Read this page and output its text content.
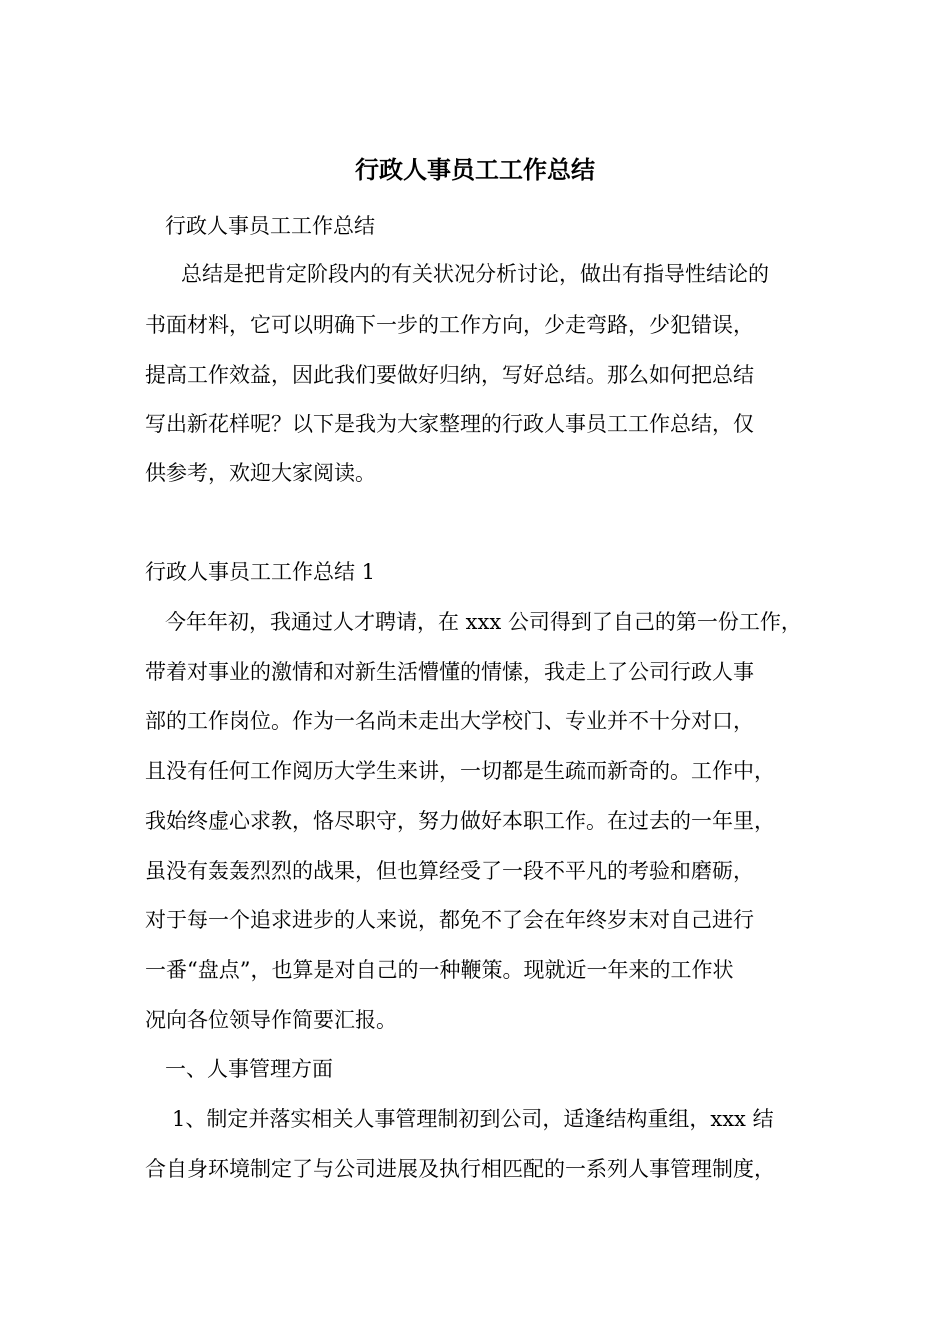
行政人事员工工作总结
行政人事员工工作总结
总结是把肯定阶段内的有关状况分析讨论，做出有指导性结论的
书面材料，它可以明确下一步的工作方向，少走弯路，少犯错误，
提高工作效益，因此我们要做好归纳，写好总结。那么如何把总结
写出新花样呢？以下是我为大家整理的行政人事员工工作总结，仅
供参考，欢迎大家阅读。
行政人事员工工作总结 1
今年年初，我通过人才聘请，在 xxx 公司得到了自己的第一份工作，
带着对事业的激情和对新生活懵懂的情愫，我走上了公司行政人事
部的工作岗位。作为一名尚未走出大学校门、专业并不十分对口，
且没有任何工作阅历大学生来讲，一切都是生疏而新奇的。工作中，
我始终虚心求教，恪尽职守，努力做好本职工作。在过去的一年里，
虽没有轰轰烈烈的战果，但也算经受了一段不平凡的考验和磨砺，
对于每一个追求进步的人来说，都免不了会在年终岁末对自己进行
一番“盘点”，也算是对自己的一种鞭策。现就近一年来的工作状
况向各位领导作简要汇报。
一、人事管理方面
1、制定并落实相关人事管理制初到公司，适逢结构重组，xxx 结
合自身环境制定了与公司进展及执行相匹配的一系列人事管理制度，
